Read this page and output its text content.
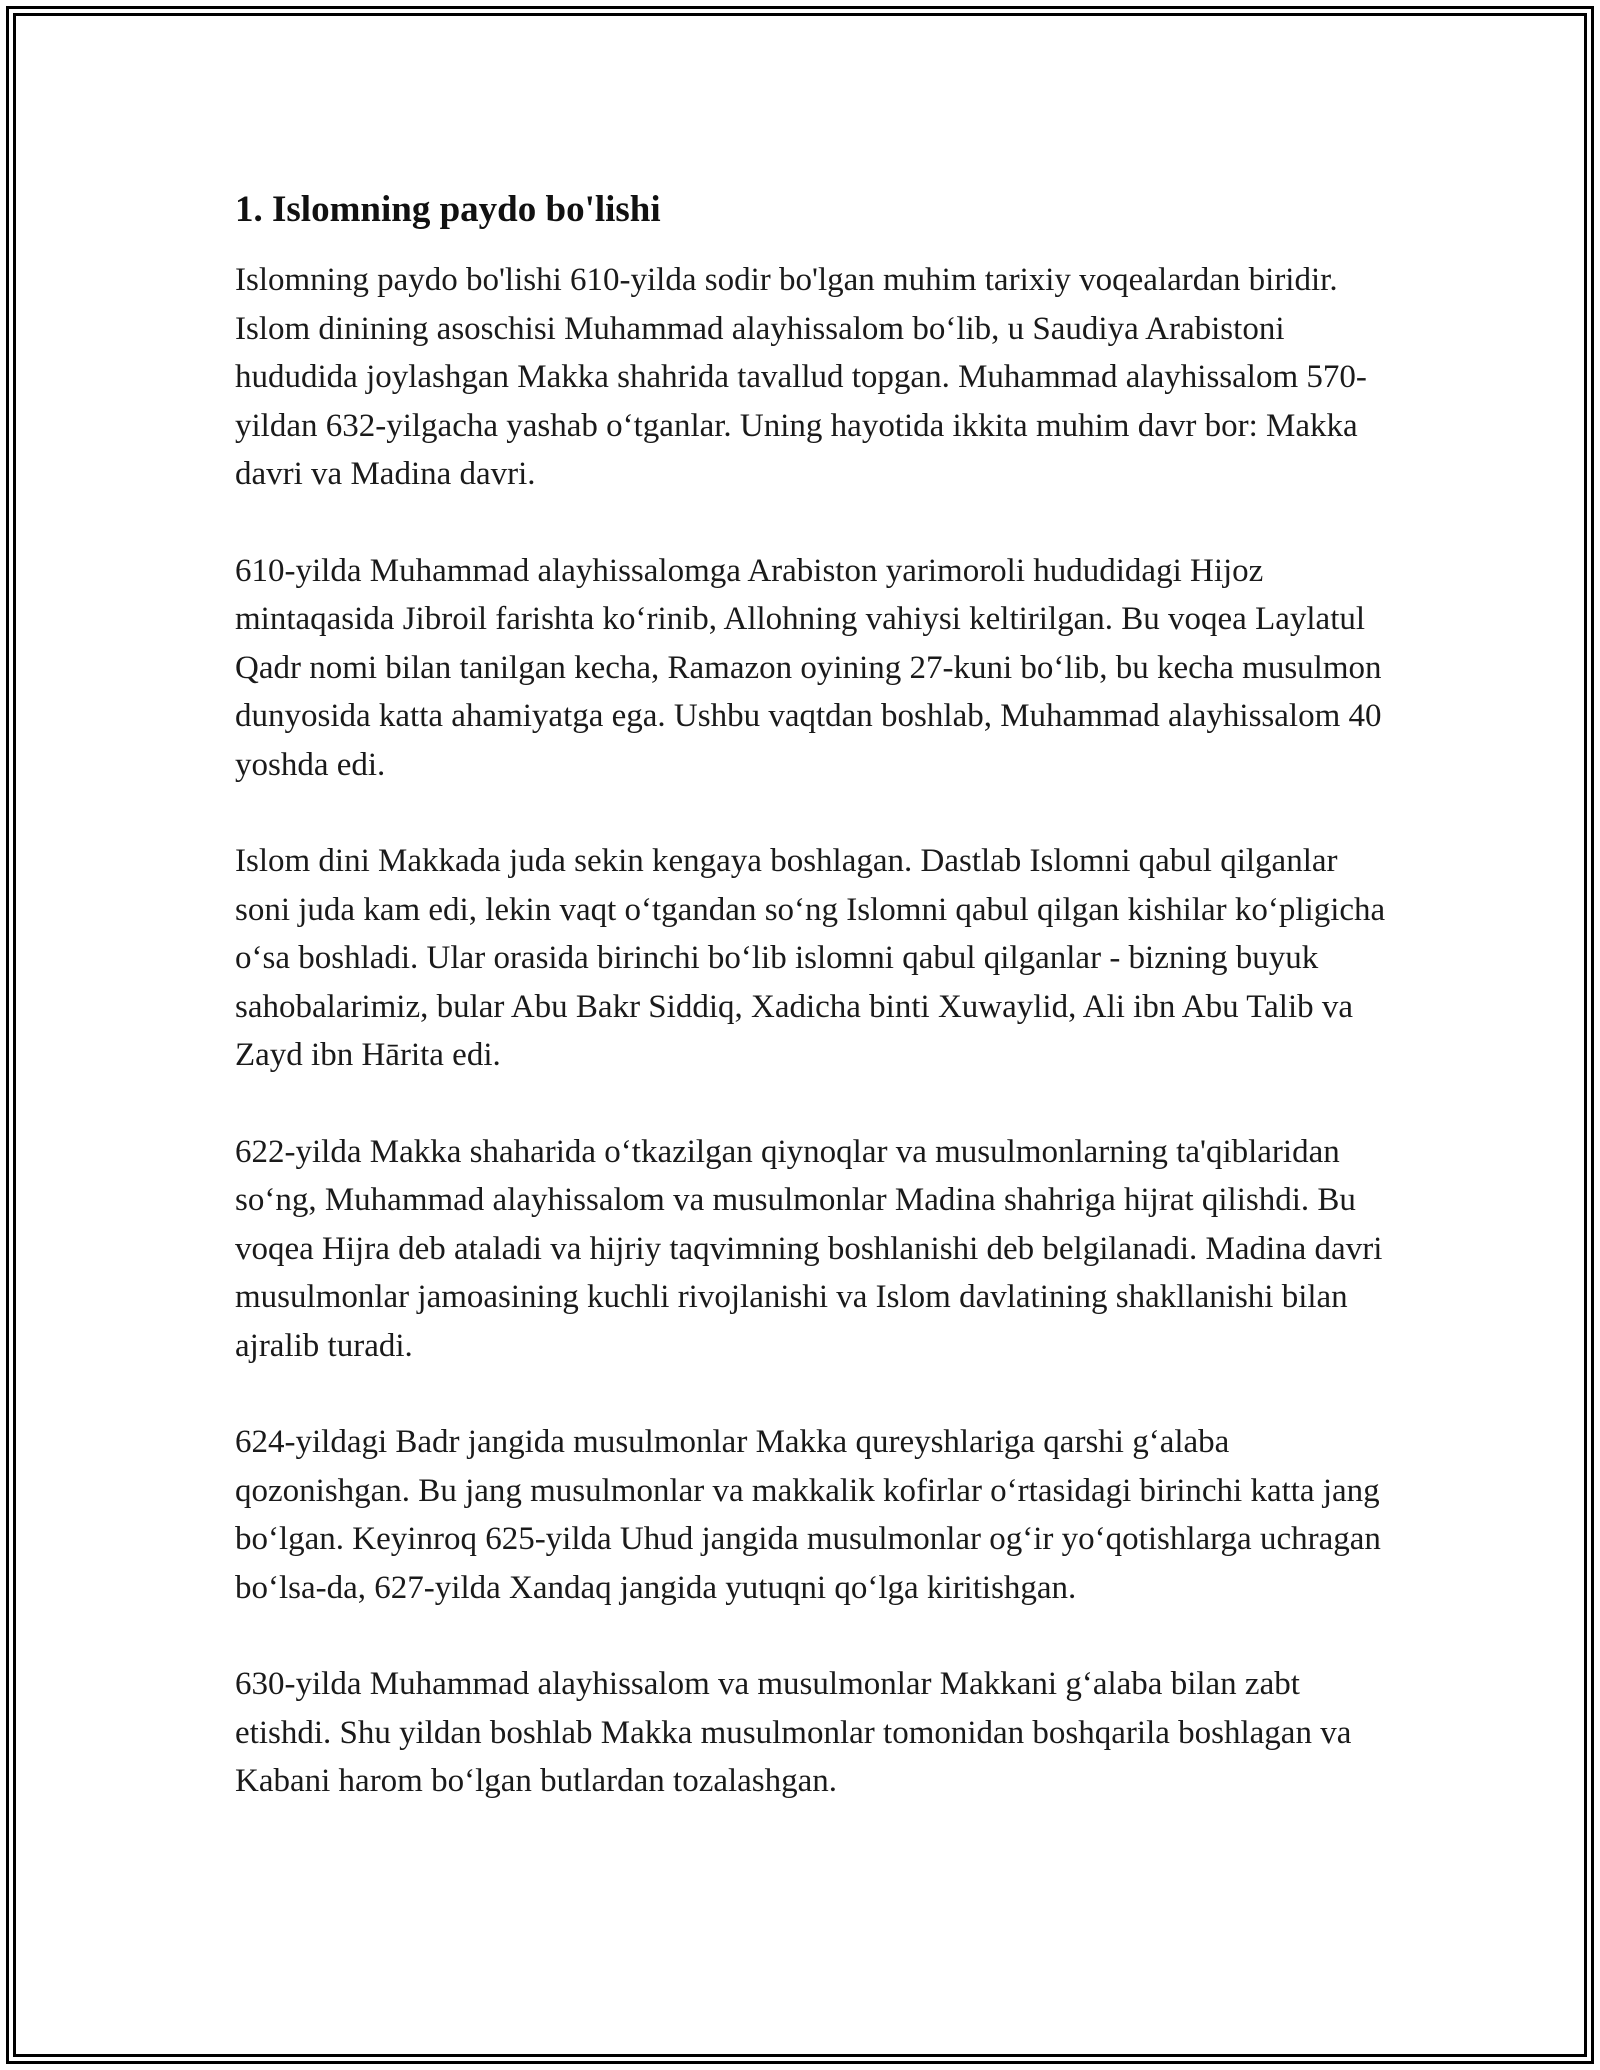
1. Islomning paydo bo'lishi

Islomning paydo bo'lishi 610-yilda sodir bo'lgan muhim tarixiy voqealardan biridir. Islom dinining asoschisi Muhammad alayhissalom bo‘lib, u Saudiya Arabistoni hududida joylashgan Makka shahrida tavallud topgan. Muhammad alayhissalom 570-yildan 632-yilgacha yashab o‘tganlar. Uning hayotida ikkita muhim davr bor: Makka davri va Madina davri.

610-yilda Muhammad alayhissalomga Arabiston yarimoroli hududidagi Hijoz mintaqasida Jibroil farishta ko‘rinib, Allohning vahiysi keltirilgan. Bu voqea Laylatul Qadr nomi bilan tanilgan kecha, Ramazon oyining 27-kuni bo‘lib, bu kecha musulmon dunyosida katta ahamiyatga ega. Ushbu vaqtdan boshlab, Muhammad alayhissalom 40 yoshda edi.

Islom dini Makkada juda sekin kengaya boshlagan. Dastlab Islomni qabul qilganlar soni juda kam edi, lekin vaqt o‘tgandan so‘ng Islomni qabul qilgan kishilar ko‘pligicha o‘sa boshladi. Ular orasida birinchi bo‘lib islomni qabul qilganlar - bizning buyuk sahobalarimiz, bular Abu Bakr Siddiq, Xadicha binti Xuwaylid, Ali ibn Abu Talib va Zayd ibn Hārita edi.

622-yilda Makka shaharida o‘tkazilgan qiynoqlar va musulmonlarning ta'qiblaridan so‘ng, Muhammad alayhissalom va musulmonlar Madina shahriga hijrat qilishdi. Bu voqea Hijra deb ataladi va hijriy taqvimning boshlanishi deb belgilanadi. Madina davri musulmonlar jamoasining kuchli rivojlanishi va Islom davlatining shakllanishi bilan ajralib turadi.

624-yildagi Badr jangida musulmonlar Makka qureyshlariga qarshi g‘alaba qozonishgan. Bu jang musulmonlar va makkalik kofirlar o‘rtasidagi birinchi katta jang bo‘lgan. Keyinroq 625-yilda Uhud jangida musulmonlar og‘ir yo‘qotishlarga uchragan bo‘lsa-da, 627-yilda Xandaq jangida yutuqni qo‘lga kiritishgan.

630-yilda Muhammad alayhissalom va musulmonlar Makkani g‘alaba bilan zabt etishdi. Shu yildan boshlab Makka musulmonlar tomonidan boshqarila boshlagan va Kabani harom bo‘lgan butlardan tozalashgan.
